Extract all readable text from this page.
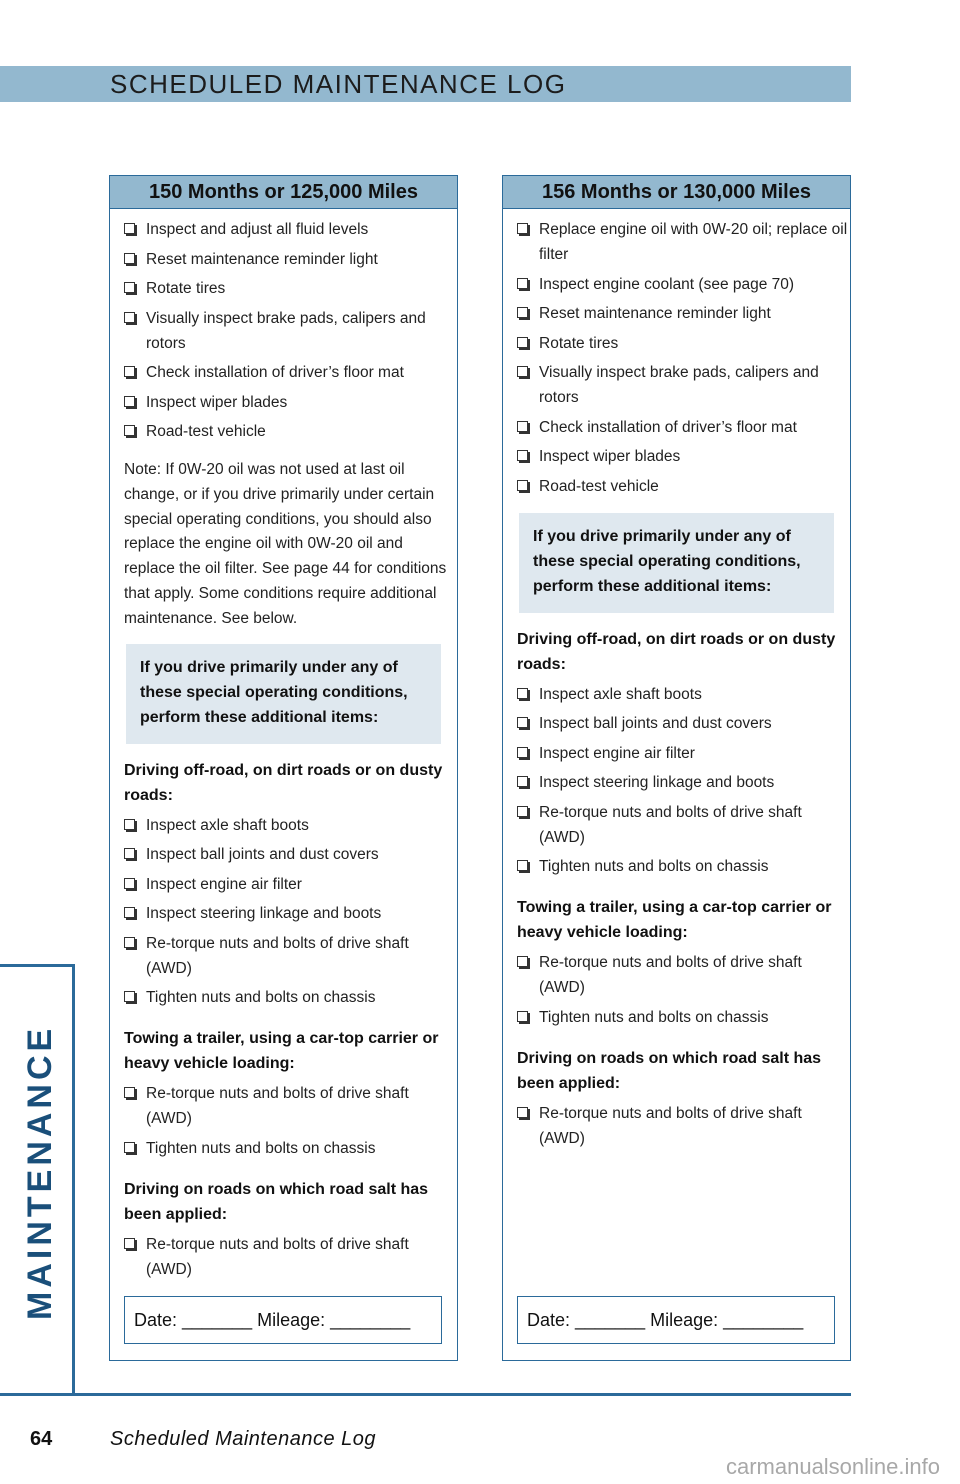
SCHEDULED MAINTENANCE LOG
150 Months or 125,000 Miles
Inspect and adjust all fluid levels
Reset maintenance reminder light
Rotate tires
Visually inspect brake pads, calipers and rotors
Check installation of driver’s floor mat
Inspect wiper blades
Road-test vehicle
Note: If 0W-20 oil was not used at last oil change, or if you drive primarily under certain special operating conditions, you should also replace the engine oil with 0W-20 oil and replace the oil filter. See page 44 for conditions that apply. Some conditions require additional maintenance. See below.
If you drive primarily under any of these special operating conditions, perform these additional items:
Driving off-road, on dirt roads or on dusty roads:
Inspect axle shaft boots
Inspect ball joints and dust covers
Inspect engine air filter
Inspect steering linkage and boots
Re-torque nuts and bolts of drive shaft (AWD)
Tighten nuts and bolts on chassis
Towing a trailer, using a car-top carrier or heavy vehicle loading:
Re-torque nuts and bolts of drive shaft (AWD)
Tighten nuts and bolts on chassis
Driving on roads on which road salt has been applied:
Re-torque nuts and bolts of drive shaft (AWD)
Date: _______ Mileage: ________
156 Months or 130,000 Miles
Replace engine oil with 0W-20 oil; replace oil filter
Inspect engine coolant (see page 70)
Reset maintenance reminder light
Rotate tires
Visually inspect brake pads, calipers and rotors
Check installation of driver’s floor mat
Inspect wiper blades
Road-test vehicle
If you drive primarily under any of these special operating conditions, perform these additional items:
Driving off-road, on dirt roads or on dusty roads:
Inspect axle shaft boots
Inspect ball joints and dust covers
Inspect engine air filter
Inspect steering linkage and boots
Re-torque nuts and bolts of drive shaft (AWD)
Tighten nuts and bolts on chassis
Towing a trailer, using a car-top carrier or heavy vehicle loading:
Re-torque nuts and bolts of drive shaft (AWD)
Tighten nuts and bolts on chassis
Driving on roads on which road salt has been applied:
Re-torque nuts and bolts of drive shaft (AWD)
Date: _______ Mileage: ________
MAINTENANCE
64	Scheduled Maintenance Log
carmanualsonline.info
